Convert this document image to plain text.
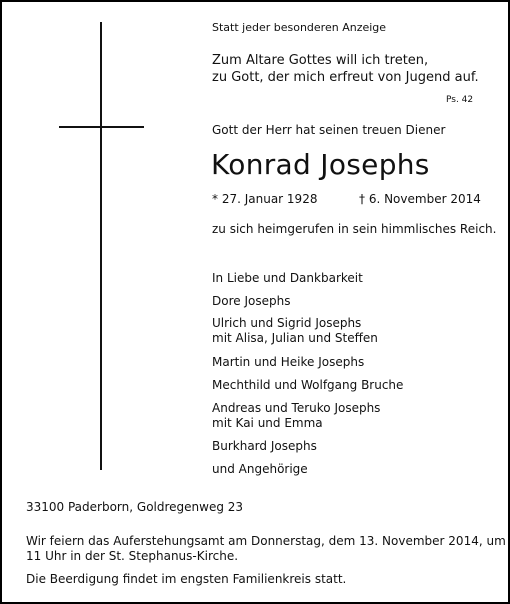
Statt jeder besonderen Anzeige
Zum Altare Gottes will ich treten,
zu Gott, der mich erfreut von Jugend auf.
Ps. 42
Gott der Herr hat seinen treuen Diener
Konrad Josephs
* 27. Januar 1928	† 6. November 2014
zu sich heimgerufen in sein himmlisches Reich.
In Liebe und Dankbarkeit
Dore Josephs
Ulrich und Sigrid Josephs
mit Alisa, Julian und Steffen
Martin und Heike Josephs
Mechthild und Wolfgang Bruche
Andreas und Teruko Josephs
mit Kai und Emma
Burkhard Josephs
und Angehörige
33100 Paderborn, Goldregenweg 23
Wir feiern das Auferstehungsamt am Donnerstag, dem 13. November 2014, um
11 Uhr in der St. Stephanus-Kirche.
Die Beerdigung findet im engsten Familienkreis statt.
